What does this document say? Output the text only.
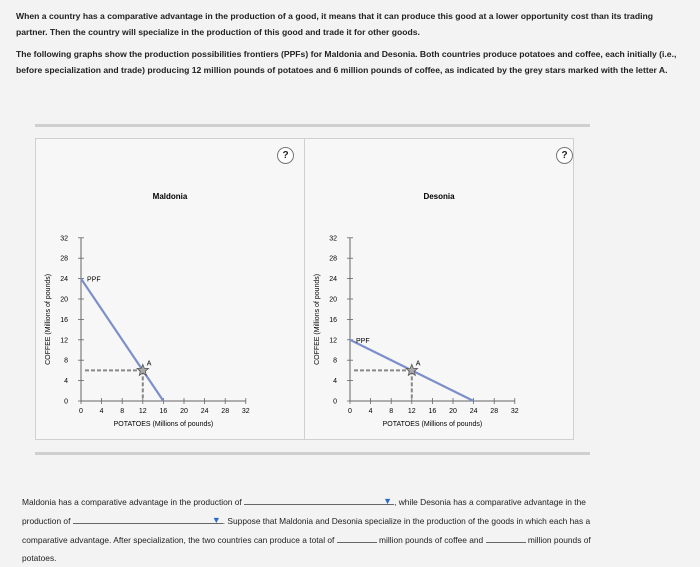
When a country has a comparative advantage in the production of a good, it means that it can produce this good at a lower opportunity cost than its trading partner. Then the country will specialize in the production of this good and trade it for other goods.

The following graphs show the production possibilities frontiers (PPFs) for Maldonia and Desonia. Both countries produce potatoes and coffee, each initially (i.e., before specialization and trade) producing 12 million pounds of potatoes and 6 million pounds of coffee, as indicated by the grey stars marked with the letter A.

Maldonia
COFFEE (Millions of pounds)
POTATOES (Millions of pounds)
0
4
8
12
16
20
24
28
32
0 4 8 12 16 20 24 28 32
PPF
A
?
Desonia
COFFEE (Millions of pounds)
POTATOES (Millions of pounds)
0
4
8
12
16
20
24
28
32
0 4 8 12 16 20 24 28 32
PPF
A
?
Maldonia has a comparative advantage in the production of	▼ , while Desonia has a comparative advantage in the
production of	▼ . Suppose that Maldonia and Desonia specialize in the production of the goods in which each has a
comparative advantage. After specialization, the two countries can produce a total of	million pounds of coffee and	million pounds of
potatoes.
